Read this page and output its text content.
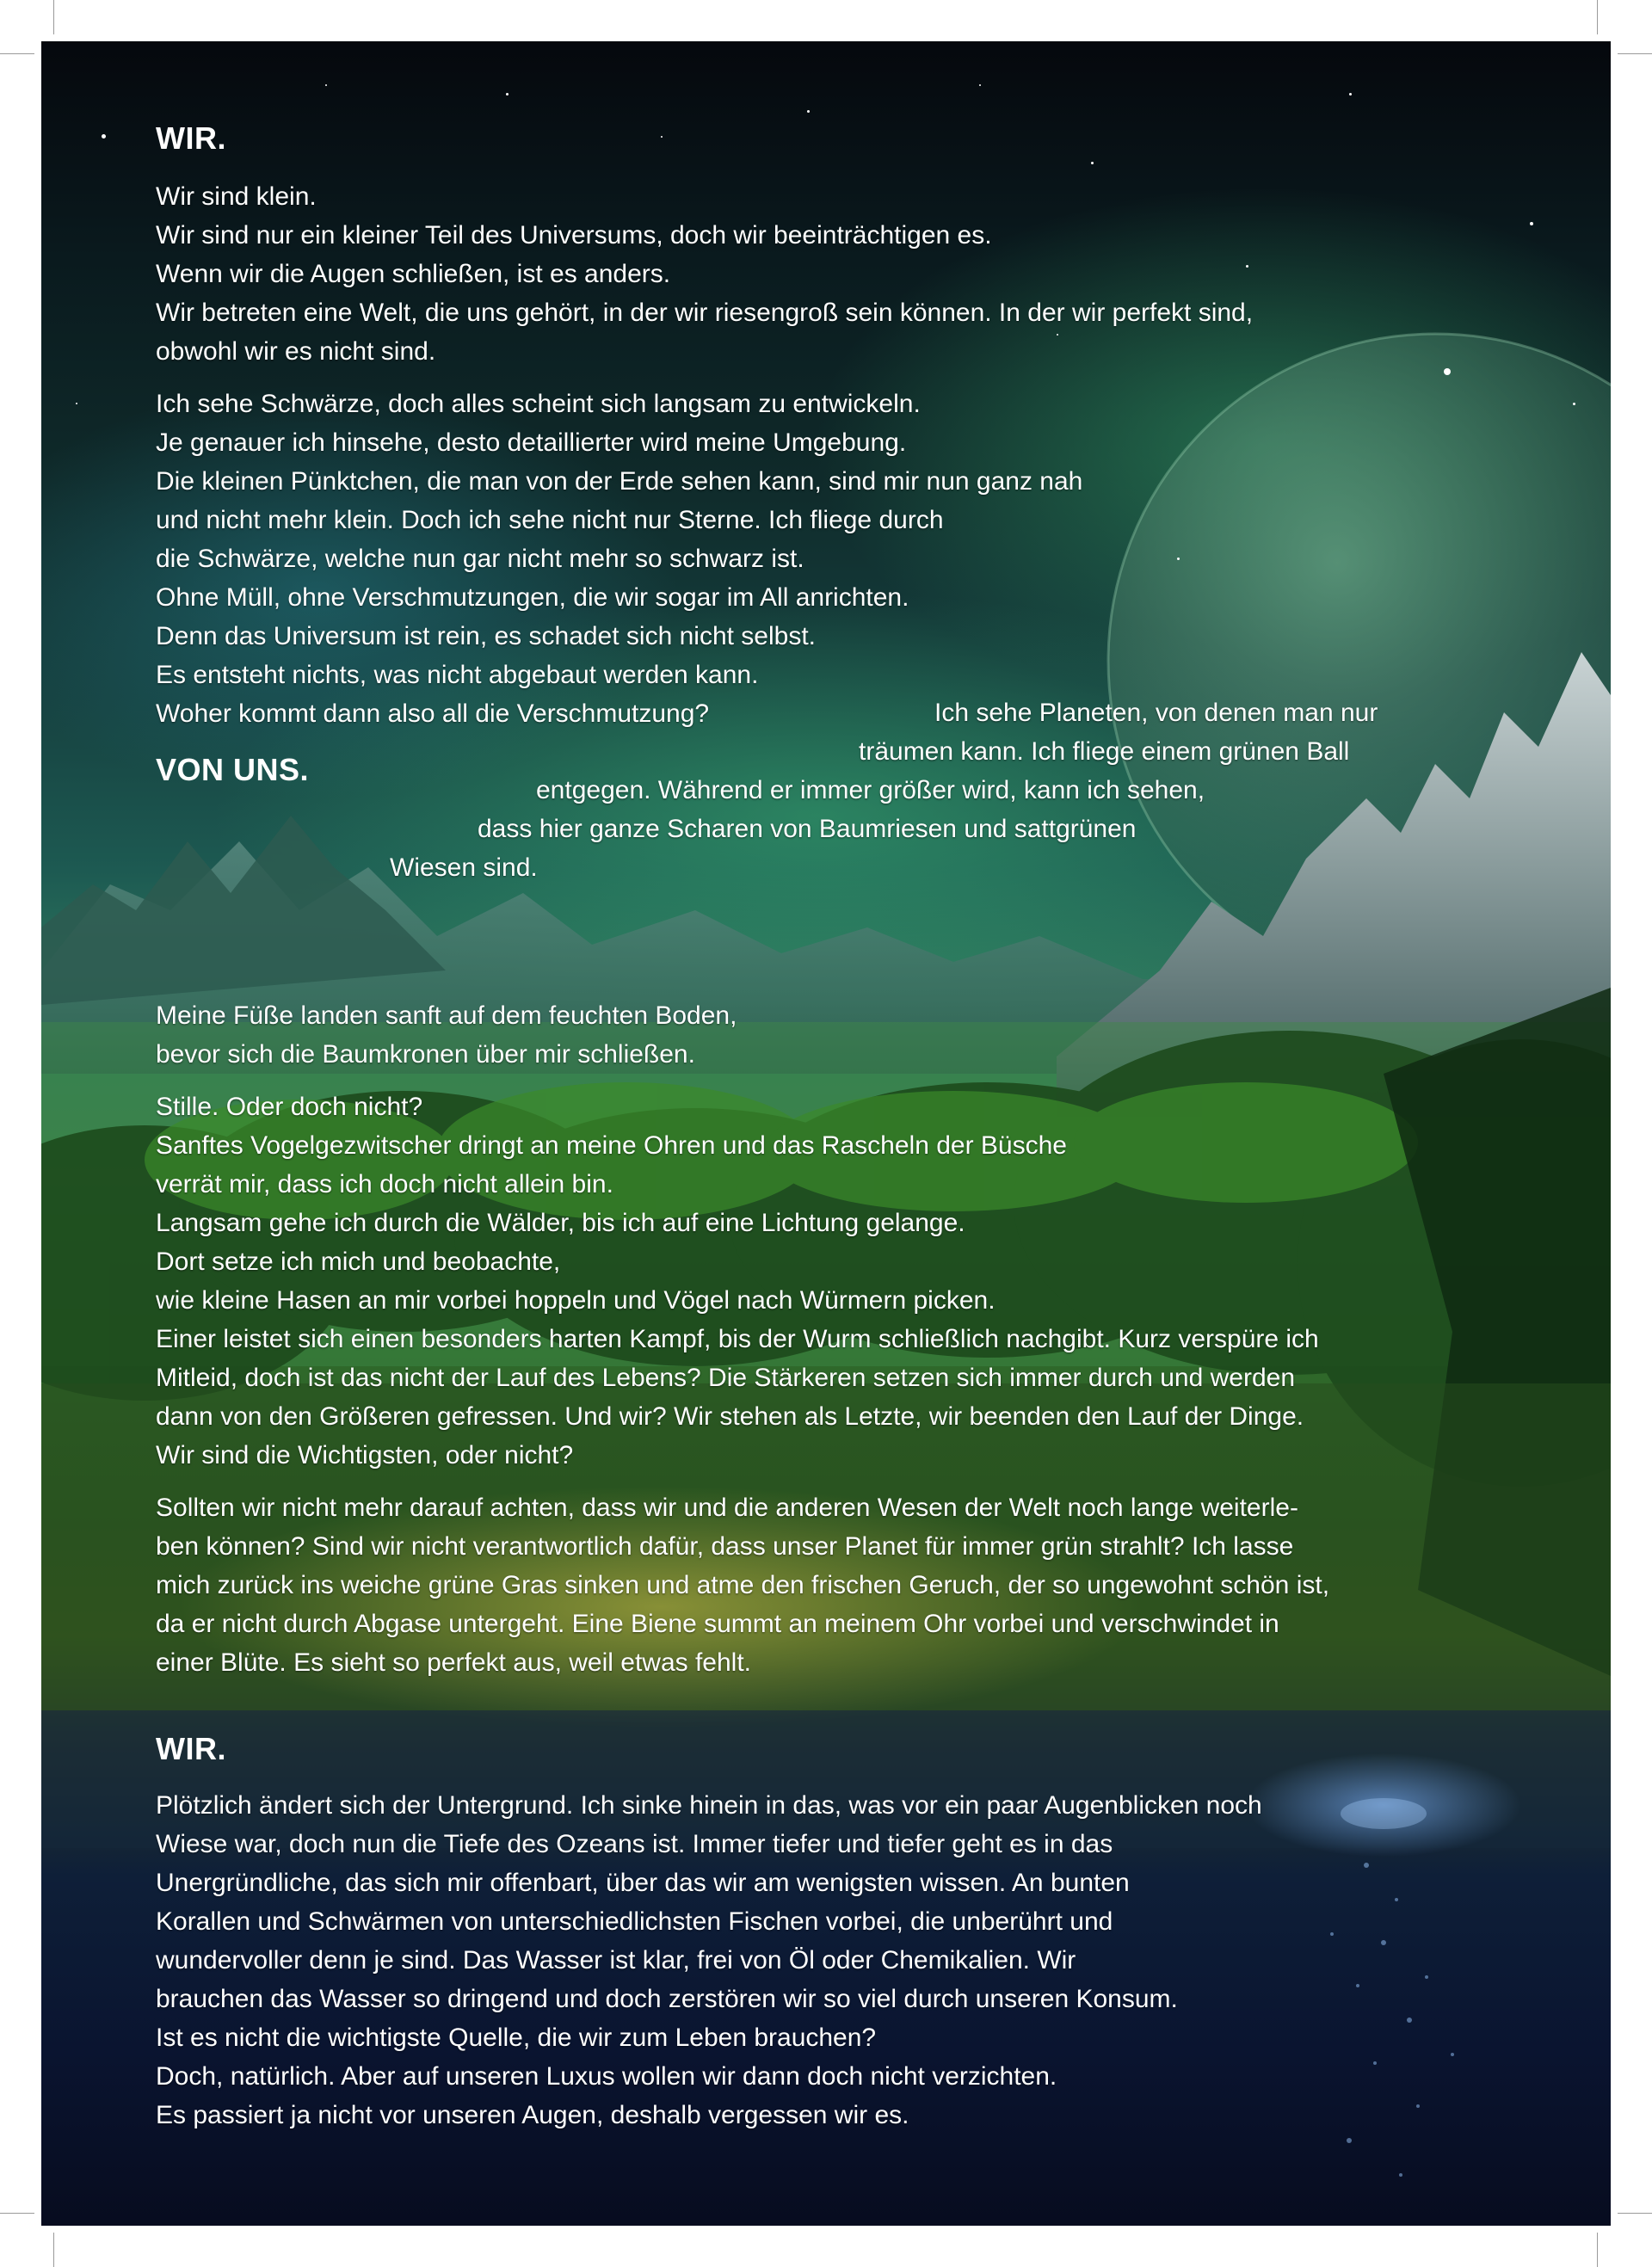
WIR.
Wir sind klein.
Wir sind nur ein kleiner Teil des Universums, doch wir beeinträchtigen es.
Wenn wir die Augen schließen, ist es anders.
Wir betreten eine Welt, die uns gehört, in der wir riesengroß sein können. In der wir perfekt sind,
obwohl wir es nicht sind.
Ich sehe Schwärze, doch alles scheint sich langsam zu entwickeln.
Je genauer ich hinsehe, desto detaillierter wird meine Umgebung.
Die kleinen Pünktchen, die man von der Erde sehen kann, sind mir nun ganz nah
und nicht mehr klein. Doch ich sehe nicht nur Sterne. Ich fliege durch
die Schwärze, welche nun gar nicht mehr so schwarz ist.
Ohne Müll, ohne Verschmutzungen, die wir sogar im All anrichten.
Denn das Universum ist rein, es schadet sich nicht selbst.
Es entsteht nichts, was nicht abgebaut werden kann.
Woher kommt dann also all die Verschmutzung?	Ich sehe Planeten, von denen man nur
träumen kann. Ich fliege einem grünen Ball
entgegen. Während er immer größer wird, kann ich sehen,
dass hier ganze Scharen von Baumriesen und sattgrünen
Wiesen sind.
VON UNS.
Meine Füße landen sanft auf dem feuchten Boden,
bevor sich die Baumkronen über mir schließen.
Stille. Oder doch nicht?
Sanftes Vogelgezwitscher dringt an meine Ohren und das Rascheln der Büsche
verrät mir, dass ich doch nicht allein bin.
Langsam gehe ich durch die Wälder, bis ich auf eine Lichtung gelange.
Dort setze ich mich und beobachte,
wie kleine Hasen an mir vorbei hoppeln und Vögel nach Würmern picken.
Einer leistet sich einen besonders harten Kampf, bis der Wurm schließlich nachgibt. Kurz verspüre ich
Mitleid, doch ist das nicht der Lauf des Lebens? Die Stärkeren setzen sich immer durch und werden
dann von den Größeren gefressen. Und wir? Wir stehen als Letzte, wir beenden den Lauf der Dinge.
Wir sind die Wichtigsten, oder nicht?
Sollten wir nicht mehr darauf achten, dass wir und die anderen Wesen der Welt noch lange weiterle-
ben können? Sind wir nicht verantwortlich dafür, dass unser Planet für immer grün strahlt? Ich lasse
mich zurück ins weiche grüne Gras sinken und atme den frischen Geruch, der so ungewohnt schön ist,
da er nicht durch Abgase untergeht. Eine Biene summt an meinem Ohr vorbei und verschwindet in
einer Blüte. Es sieht so perfekt aus, weil etwas fehlt.
WIR.
Plötzlich ändert sich der Untergrund. Ich sinke hinein in das, was vor ein paar Augenblicken noch
Wiese war, doch nun die Tiefe des Ozeans ist. Immer tiefer und tiefer geht es in das
Unergründliche, das sich mir offenbart, über das wir am wenigsten wissen. An bunten
Korallen und Schwärmen von unterschiedlichsten Fischen vorbei, die unberührt und
wundervoller denn je sind. Das Wasser ist klar, frei von Öl oder Chemikalien. Wir
brauchen das Wasser so dringend und doch zerstören wir so viel durch unseren Konsum.
Ist es nicht die wichtigste Quelle, die wir zum Leben brauchen?
Doch, natürlich. Aber auf unseren Luxus wollen wir dann doch nicht verzichten.
Es passiert ja nicht vor unseren Augen, deshalb vergessen wir es.
